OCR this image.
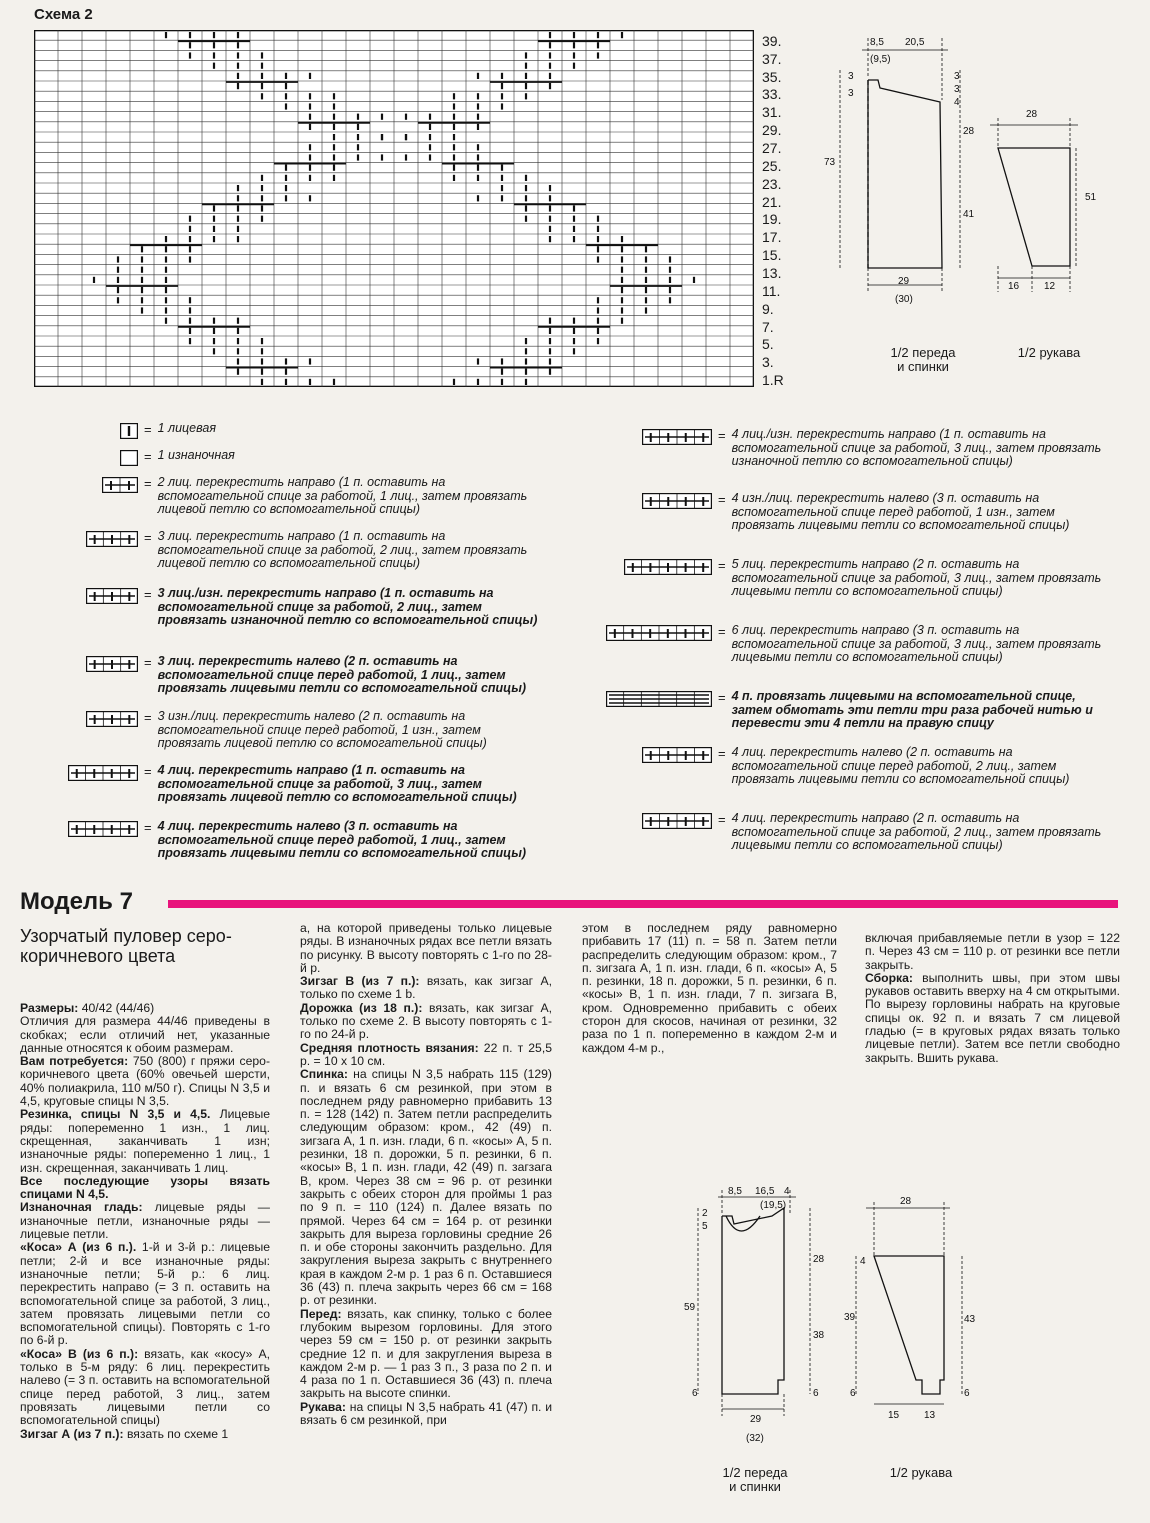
Схема 2
39.
37.
35.
33.
31.
29.
27.
25.
23.
21.
19.
17.
15.
13.
11.
9.
7.
5.
3.
1.R
8,5 20,5
(9,5)
3
3
73
3
3
4
28
41
29
(30)
28
51
16 12
1/2 переда
и спинки
1/2 рукава
= 1 лицевая
= 1 изнаночная
= 2 лиц. перекрестить направо (1 п. оставить на вспомогательной спице за работой, 1 лиц., затем провязать лицевой петлю со вспомогательной спицы)
= 3 лиц. перекрестить направо (1 п. оставить на вспомогательной спице за работой, 2 лиц., затем провязать лицевой петлю со вспомогательной спицы)
= 3 лиц./изн. перекрестить направо (1 п. оставить на вспомогательной спице за работой, 2 лиц., затем провязать изнаночной петлю со вспомогательной спицы)
= 3 лиц. перекрестить налево (2 п. оставить на вспомогательной спице перед работой, 1 лиц., затем провязать лицевыми петли со вспомогательной спицы)
= 3 изн./лиц. перекрестить налево (2 п. оставить на вспомогательной спице перед работой, 1 изн., затем провязать лицевой петлю со вспомогательной спицы)
= 4 лиц. перекрестить направо (1 п. оставить на вспомогательной спице за работой, 3 лиц., затем провязать лицевой петлю со вспомогательной спицы)
= 4 лиц. перекрестить налево (3 п. оставить на вспомогательной спице перед работой, 1 лиц., затем провязать лицевыми петли со вспомогательной спицы)
= 4 лиц./изн. перекрестить направо (1 п. оставить на вспомогательной спице за работой, 3 лиц., затем провязать изнаночной петлю со вспомогательной спицы)
= 4 изн./лиц. перекрестить налево (3 п. оставить на вспомогательной спице перед работой, 1 изн., затем провязать лицевыми петли со вспомогательной спицы)
= 5 лиц. перекрестить направо (2 п. оставить на вспомогательной спице за работой, 3 лиц., затем провязать лицевыми петли со вспомогательной спицы)
= 6 лиц. перекрестить направо (3 п. оставить на вспомогательной спице за работой, 3 лиц., затем провязать лицевыми петли со вспомогательной спицы)
= 4 п. провязать лицевыми на вспомогательной спице, затем обмотать эти петли три раза рабочей нитью и перевести эти 4 петли на правую спицу
= 4 лиц. перекрестить налево (2 п. оставить на вспомогательной спице перед работой, 2 лиц., затем провязать лицевыми петли со вспомогательной спицы)
= 4 лиц. перекрестить направо (2 п. оставить на вспомогательной спице за работой, 2 лиц., затем провязать лицевыми петли со вспомогательной спицы)
Модель 7
Узорчатый пуловер серо-коричневого цвета

Размеры: 40/42 (44/46)

Отличия для размера 44/46 приведены в скобках; если отличий нет, указанные данные относятся к обоим размерам.

Вам потребуется: 750 (800) г пряжи серо-коричневого цвета (60% овечьей шерсти, 40% полиакрила, 110 м/50 г). Спицы N 3,5 и 4,5, круговые спицы N 3,5.

Резинка, спицы N 3,5 и 4,5. Лицевые ряды: попеременно 1 изн., 1 лиц. скрещенная, заканчивать 1 изн; изнаночные ряды: попеременно 1 лиц., 1 изн. скрещенная, заканчивать 1 лиц.

Все последующие узоры вязать спицами N 4,5.

Изнаночная гладь: лицевые ряды — изнаночные петли, изнаночные ряды — лицевые петли.

«Коса» А (из 6 п.). 1-й и 3-й р.: лицевые петли; 2-й и все изнаночные ряды: изнаночные петли; 5-й р.: 6 лиц. перекрестить направо (= 3 п. оставить на вспомогательной спице за работой, 3 лиц., затем провязать лицевыми петли со вспомогательной спицы). Повторять с 1-го по 6-й р.

«Коса» В (из 6 п.): вязать, как «косу» А, только в 5-м ряду: 6 лиц. перекрестить налево (= 3 п. оставить на вспомогательной спице перед работой, 3 лиц., затем провязать лицевыми петли со вспомогательной спицы)

Зигзаг А (из 7 п.): вязать по схеме 1

а, на которой приведены только лицевые ряды. В изнаночных рядах все петли вязать по рисунку. В высоту повторять с 1-го по 28-й р.

Зигзаг В (из 7 п.): вязать, как зигзаг А, только по схеме 1 b.

Дорожка (из 18 п.): вязать, как зигзаг А, только по схеме 2. В высоту повторять с 1-го по 24-й р.

Средняя плотность вязания: 22 п. т 25,5 р. = 10 х 10 см.

Спинка: на спицы N 3,5 набрать 115 (129) п. и вязать 6 см резинкой, при этом в последнем ряду равномерно прибавить 13 п. = 128 (142) п. Затем петли распределить следующим образом: кром., 42 (49) п. зигзага А, 1 п. изн. глади, 6 п. «косы» А, 5 п. резинки, 18 п. дорожки, 5 п. резинки, 6 п. «косы» В, 1 п. изн. глади, 42 (49) п. загзага В, кром. Через 38 см = 96 р. от резинки закрыть с обеих сторон для проймы 1 раз по 9 п. = 110 (124) п. Далее вязать по прямой. Через 64 см = 164 р. от резинки закрыть для выреза горловины средние 26 п. и обе стороны закончить раздельно. Для закругления выреза закрыть с внутреннего края в каждом 2-м р. 1 раз 6 п. Оставшиеся 36 (43) п. плеча закрыть через 66 см = 168 р. от резинки.

Перед: вязать, как спинку, только с более глубоким вырезом горловины. Для этого через 59 см = 150 р. от резинки закрыть средние 12 п. и для закругления выреза в каждом 2-м р. — 1 раз 3 п., 3 раза по 2 п. и 4 раза по 1 п. Оставшиеся 36 (43) п. плеча закрыть на высоте спинки.

Рукава: на спицы N 3,5 набрать 41 (47) п. и вязать 6 см резинкой, при

этом в последнем ряду равномерно прибавить 17 (11) п. = 58 п. Затем петли распределить следующим образом: кром., 7 п. зигзага А, 1 п. изн. глади, 6 п. «косы» А, 5 п. резинки, 18 п. дорожки, 5 п. резинки, 6 п. «косы» В, 1 п. изн. глади, 7 п. зигзага В, кром. Одновременно прибавить с обеих сторон для скосов, начиная от резинки, 32 раза по 1 п. попеременно в каждом 2-м и каждом 4-м р.,

включая прибавляемые петли в узор = 122 п. Через 43 см = 110 р. от резинки все петли закрыть.

Сборка: выполнить швы, при этом швы рукавов оставить вверху на 4 см открытыми. По вырезу горловины набрать на круговые спицы ок. 92 п. и вязать 7 см лицевой гладью (= в круговых рядах вязать только лицевые петли). Затем все петли свободно закрыть. Вшить рукава.

8,5 16,5 4
(19,5)
2
5
59
6
28
38
6
29
(32)
28
4
39
6
43
6
15 13
1/2 переда
и спинки
1/2 рукава
